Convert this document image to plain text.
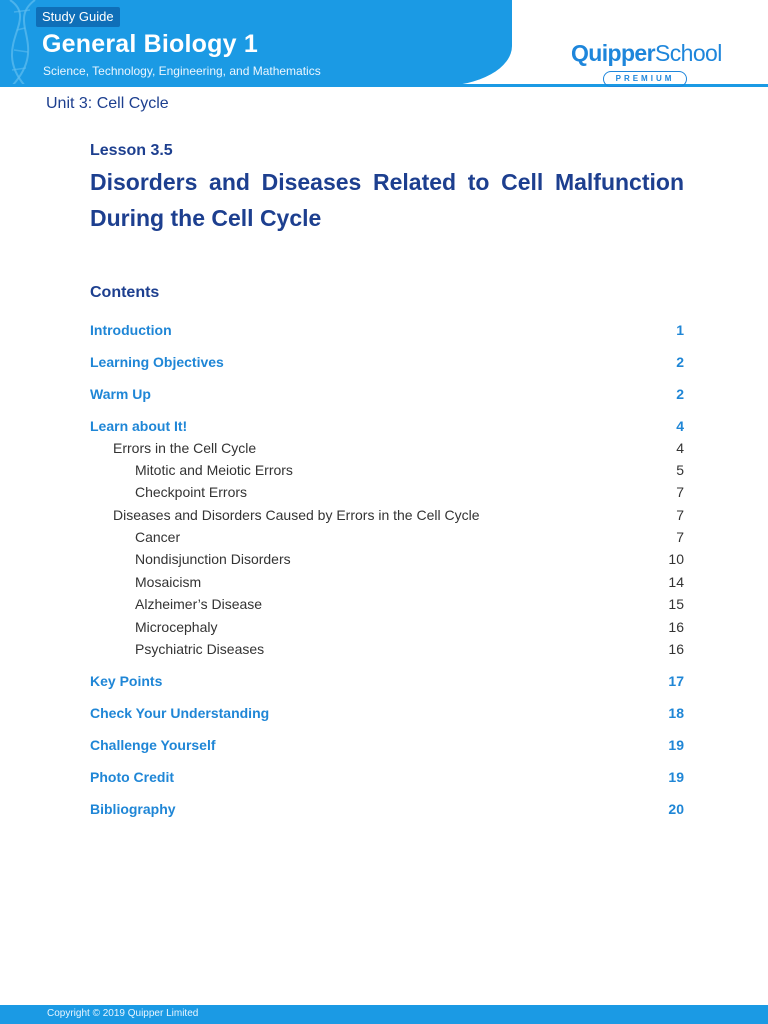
Study Guide
General Biology 1
Science, Technology, Engineering, and Mathematics
QuipperSchool
PREMIUM
Unit 3: Cell Cycle
Lesson 3.5
Disorders and Diseases Related to Cell Malfunction During the Cell Cycle
Contents
Introduction	1
Learning Objectives	2
Warm Up	2
Learn about It!	4
Errors in the Cell Cycle	4
Mitotic and Meiotic Errors	5
Checkpoint Errors	7
Diseases and Disorders Caused by Errors in the Cell Cycle	7
Cancer	7
Nondisjunction Disorders	10
Mosaicism	14
Alzheimer’s Disease	15
Microcephaly	16
Psychiatric Diseases	16
Key Points	17
Check Your Understanding	18
Challenge Yourself	19
Photo Credit	19
Bibliography	20
Copyright © 2019 Quipper Limited
